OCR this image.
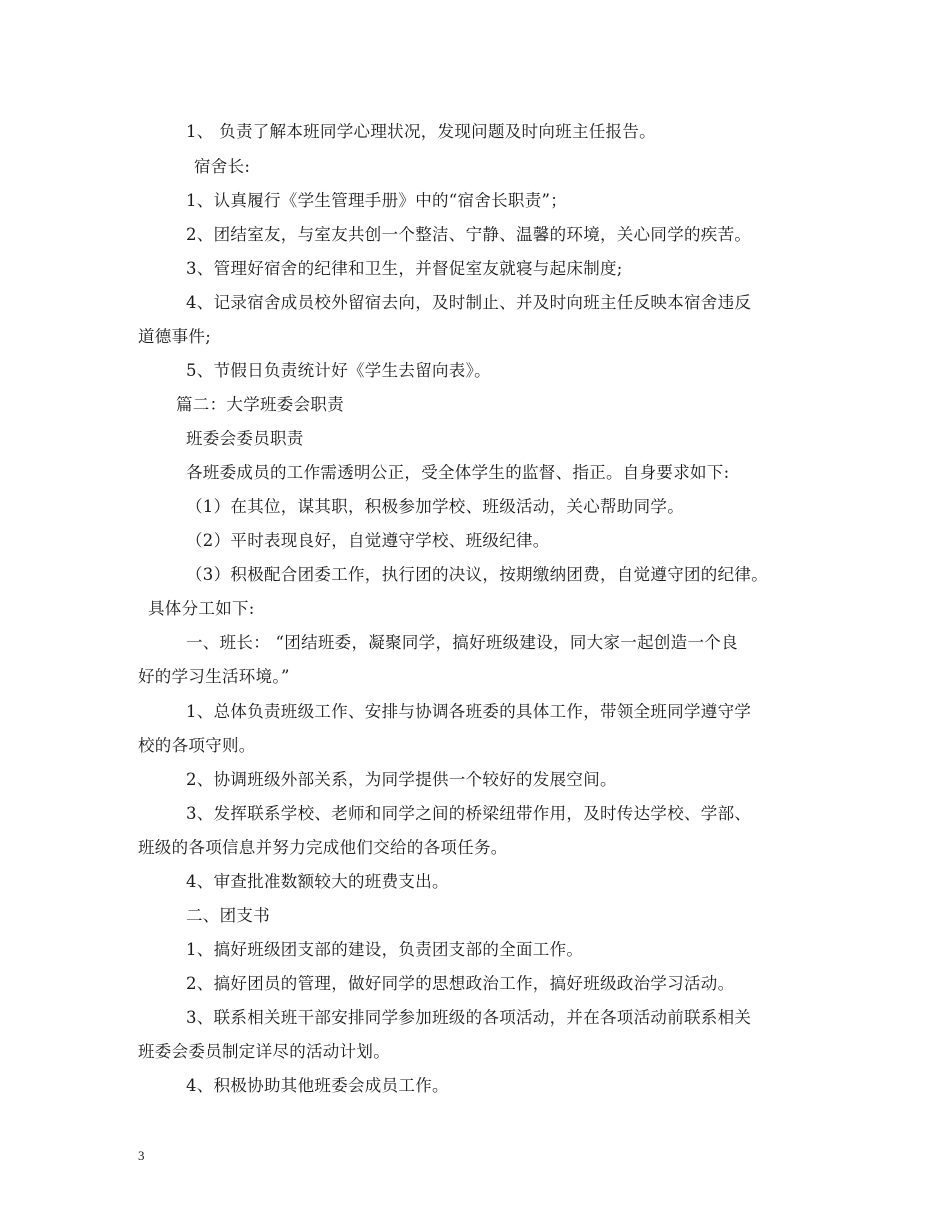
1、 负责了解本班同学心理状况，发现问题及时向班主任报告。
宿舍长:
1、认真履行《学生管理手册》中的“宿舍长职责”；
2、团结室友，与室友共创一个整洁、宁静、温馨的环境，关心同学的疾苦。
3、管理好宿舍的纪律和卫生，并督促室友就寝与起床制度;
4、记录宿舍成员校外留宿去向，及时制止、并及时向班主任反映本宿舍违反
道德事件;
5、节假日负责统计好《学生去留向表》。
篇二：大学班委会职责
班委会委员职责
各班委成员的工作需透明公正，受全体学生的监督、指正。自身要求如下:
（1）在其位，谋其职，积极参加学校、班级活动，关心帮助同学。
（2）平时表现良好，自觉遵守学校、班级纪律。
（3）积极配合团委工作，执行团的决议，按期缴纳团费，自觉遵守团的纪律。
具体分工如下:
一、班长： “团结班委，凝聚同学，搞好班级建设，同大家一起创造一个良
好的学习生活环境。”
1、总体负责班级工作、安排与协调各班委的具体工作，带领全班同学遵守学
校的各项守则。
2、协调班级外部关系，为同学提供一个较好的发展空间。
3、发挥联系学校、老师和同学之间的桥梁纽带作用，及时传达学校、学部、
班级的各项信息并努力完成他们交给的各项任务。
4、审查批准数额较大的班费支出。
二、团支书
1、搞好班级团支部的建设，负责团支部的全面工作。
2、搞好团员的管理，做好同学的思想政治工作，搞好班级政治学习活动。
3、联系相关班干部安排同学参加班级的各项活动，并在各项活动前联系相关
班委会委员制定详尽的活动计划。
4、积极协助其他班委会成员工作。
3
